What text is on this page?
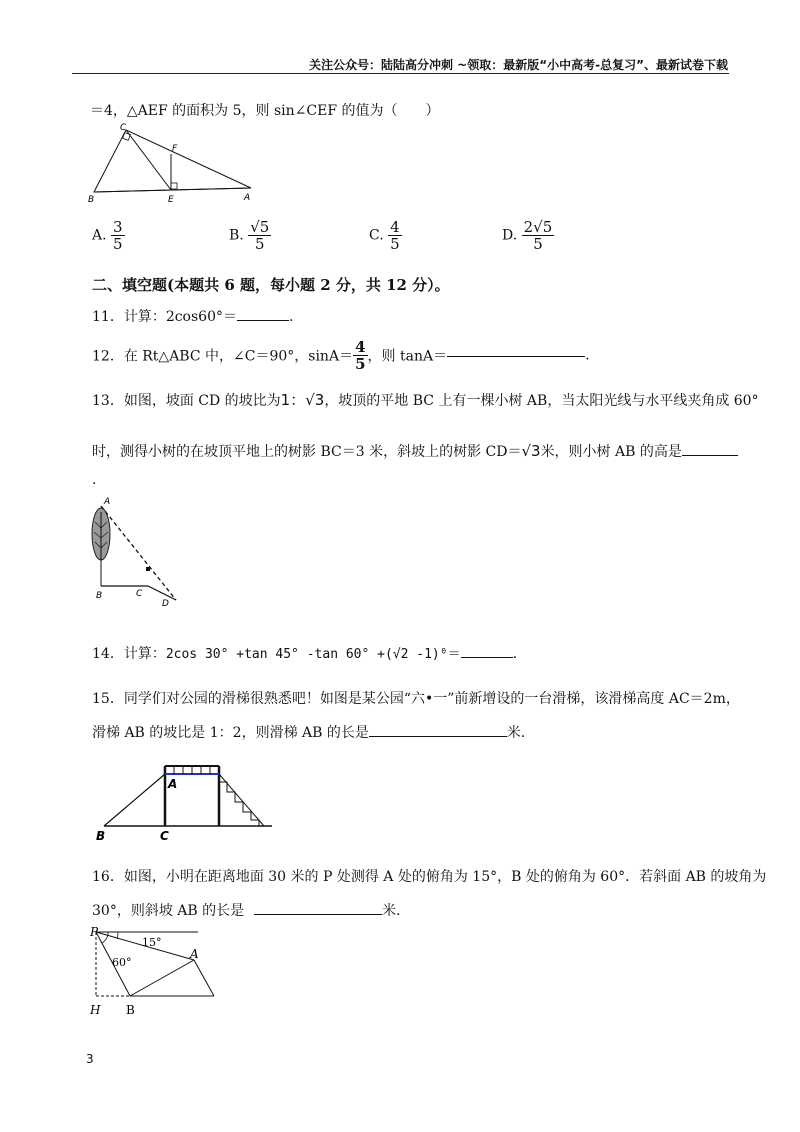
关注公众号：陆陆高分冲刺 ~领取：最新版“小中高考-总复习”、最新试卷下载
＝4，△AEF 的面积为 5，则 sin∠CEF 的值为（　　）
C
F
B	E	A
A. $\frac{3}{5}$	B. $\frac{√5}{5}$	C. $\frac{4}{5}$	D. $\frac{2√5}{5}$
二、填空题(本题共 6 题，每小题 2 分，共 12 分）。
11．计算：2cos60°＝	.
12．在 Rt△ABC 中，∠C＝90°，$\sin A= \frac{4}{5}$ ，则 tanA＝	.
13．如图，坡面 CD 的坡比为1：√3，坡顶的平地 BC 上有一棵小树 AB，当太阳光线与水平线夹角成 60°
时，测得小树的在坡顶平地上的树影 BC＝3 米，斜坡上的树影 CD＝√3米，则小树 AB 的高是
.
A
B	C
D
14．计算：2cos 30° +tan 45° -tan 60° +(√2 -1)⁰＝	.
15．同学们对公园的滑梯很熟悉吧！如图是某公园“六•一”前新增设的一台滑梯，该滑梯高度 AC＝2m，
滑梯 AB 的坡比是 1：2，则滑梯 AB 的长是	米．
A
B	C
16．如图，小明在距离地面 30 米的 P 处测得 A 处的俯角为 15°，B 处的俯角为 60°．若斜面 AB 的坡角为
30°，则斜坡 AB 的长是	米．
P
15°
60°
A
H B
3
